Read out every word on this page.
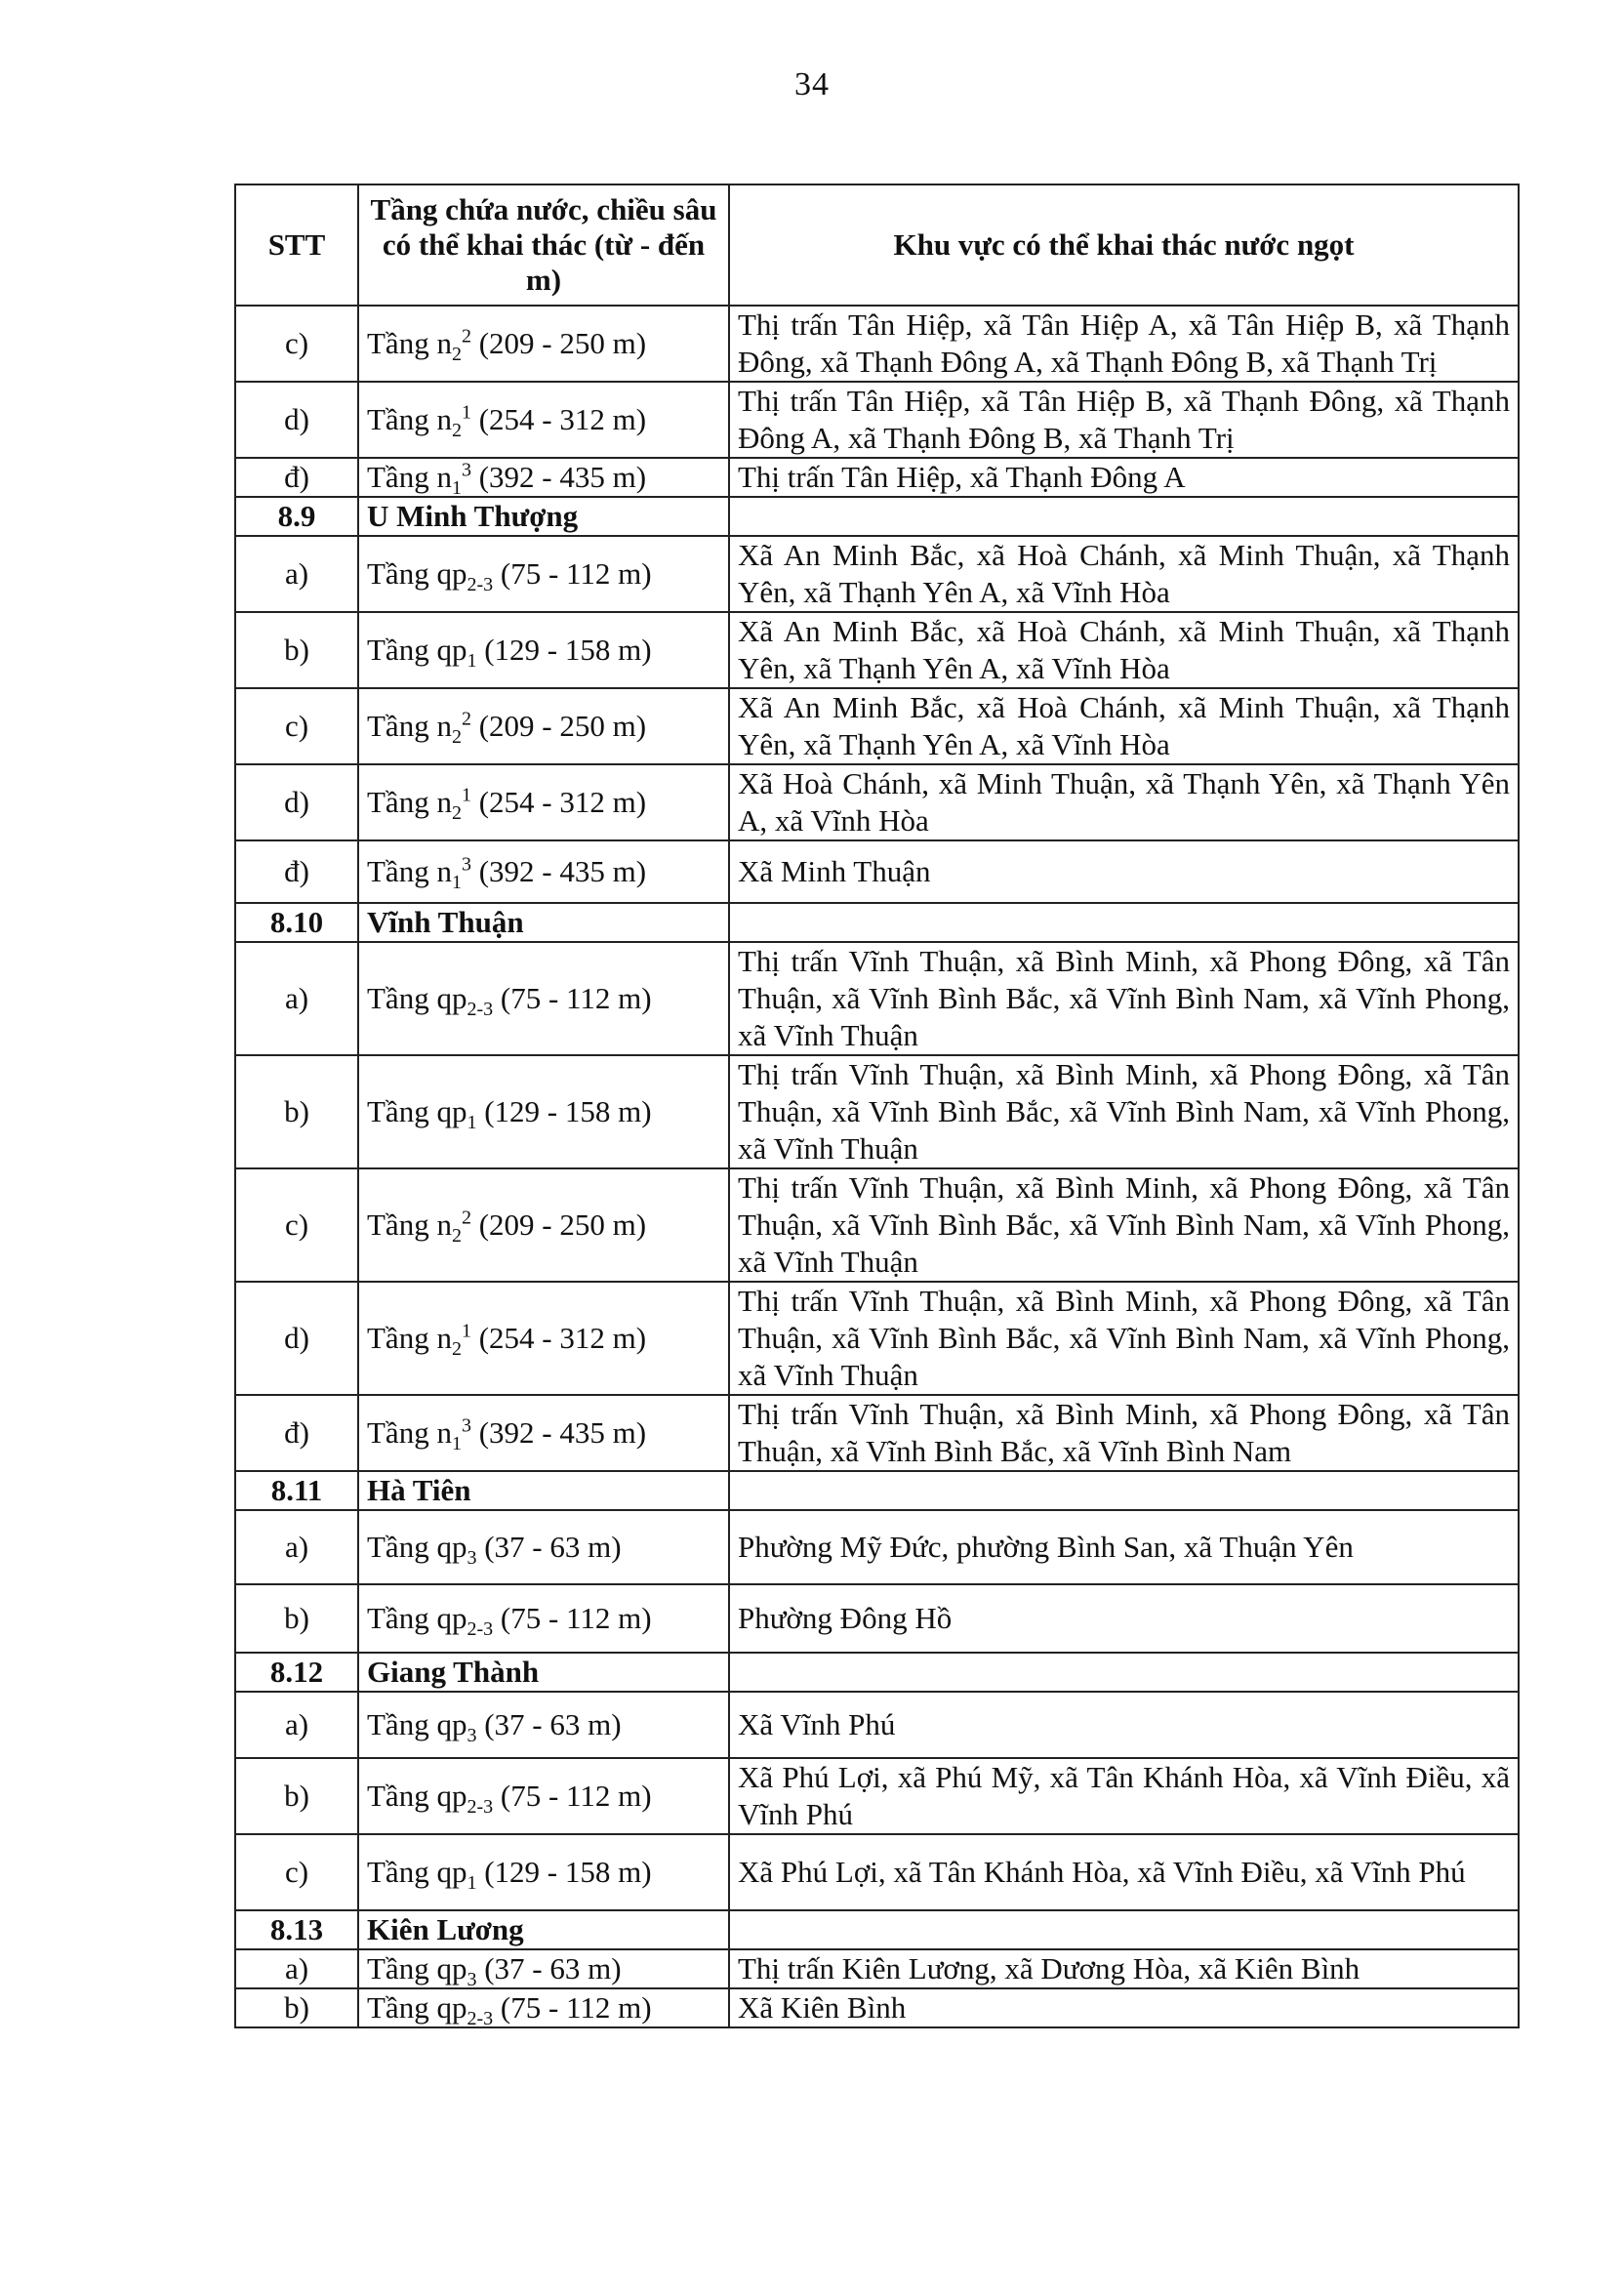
34
STT	Tầng chứa nước, chiều sâu có thể khai thác (từ - đến m)	Khu vực có thể khai thác nước ngọt
c)	Tầng $n_2^2$ (209 - 250 m)	Thị trấn Tân Hiệp, xã Tân Hiệp A, xã Tân Hiệp B, xã Thạnh Đông, xã Thạnh Đông A, xã Thạnh Đông B, xã Thạnh Trị
d)	Tầng $n_2^1$ (254 - 312 m)	Thị trấn Tân Hiệp, xã Tân Hiệp B, xã Thạnh Đông, xã Thạnh Đông A, xã Thạnh Đông B, xã Thạnh Trị
đ)	Tầng $n_1^3$ (392 - 435 m)	Thị trấn Tân Hiệp, xã Thạnh Đông A
8.9	U Minh Thượng	
a)	Tầng $qp_{2-3}$ (75 - 112 m)	Xã An Minh Bắc, xã Hoà Chánh, xã Minh Thuận, xã Thạnh Yên, xã Thạnh Yên A, xã Vĩnh Hòa
b)	Tầng $qp_1$ (129 - 158 m)	Xã An Minh Bắc, xã Hoà Chánh, xã Minh Thuận, xã Thạnh Yên, xã Thạnh Yên A, xã Vĩnh Hòa
c)	Tầng $n_2^2$ (209 - 250 m)	Xã An Minh Bắc, xã Hoà Chánh, xã Minh Thuận, xã Thạnh Yên, xã Thạnh Yên A, xã Vĩnh Hòa
d)	Tầng $n_2^1$ (254 - 312 m)	Xã Hoà Chánh, xã Minh Thuận, xã Thạnh Yên, xã Thạnh Yên A, xã Vĩnh Hòa
đ)	Tầng $n_1^3$ (392 - 435 m)	Xã Minh Thuận
8.10	Vĩnh Thuận	
a)	Tầng $qp_{2-3}$ (75 - 112 m)	Thị trấn Vĩnh Thuận, xã Bình Minh, xã Phong Đông, xã Tân Thuận, xã Vĩnh Bình Bắc, xã Vĩnh Bình Nam, xã Vĩnh Phong, xã Vĩnh Thuận
b)	Tầng $qp_1$ (129 - 158 m)	Thị trấn Vĩnh Thuận, xã Bình Minh, xã Phong Đông, xã Tân Thuận, xã Vĩnh Bình Bắc, xã Vĩnh Bình Nam, xã Vĩnh Phong, xã Vĩnh Thuận
c)	Tầng $n_2^2$ (209 - 250 m)	Thị trấn Vĩnh Thuận, xã Bình Minh, xã Phong Đông, xã Tân Thuận, xã Vĩnh Bình Bắc, xã Vĩnh Bình Nam, xã Vĩnh Phong, xã Vĩnh Thuận
d)	Tầng $n_2^1$ (254 - 312 m)	Thị trấn Vĩnh Thuận, xã Bình Minh, xã Phong Đông, xã Tân Thuận, xã Vĩnh Bình Bắc, xã Vĩnh Bình Nam, xã Vĩnh Phong, xã Vĩnh Thuận
đ)	Tầng $n_1^3$ (392 - 435 m)	Thị trấn Vĩnh Thuận, xã Bình Minh, xã Phong Đông, xã Tân Thuận, xã Vĩnh Bình Bắc, xã Vĩnh Bình Nam
8.11	Hà Tiên	
a)	Tầng $qp_3$ (37 - 63 m)	Phường Mỹ Đức, phường Bình San, xã Thuận Yên
b)	Tầng $qp_{2-3}$ (75 - 112 m)	Phường Đông Hồ
8.12	Giang Thành	
a)	Tầng $qp_3$ (37 - 63 m)	Xã Vĩnh Phú
b)	Tầng $qp_{2-3}$ (75 - 112 m)	Xã Phú Lợi, xã Phú Mỹ, xã Tân Khánh Hòa, xã Vĩnh Điều, xã Vĩnh Phú
c)	Tầng $qp_1$ (129 - 158 m)	Xã Phú Lợi, xã Tân Khánh Hòa, xã Vĩnh Điều, xã Vĩnh Phú
8.13	Kiên Lương	
a)	Tầng $qp_3$ (37 - 63 m)	Thị trấn Kiên Lương, xã Dương Hòa, xã Kiên Bình
b)	Tầng $qp_{2-3}$ (75 - 112 m)	Xã Kiên Bình
